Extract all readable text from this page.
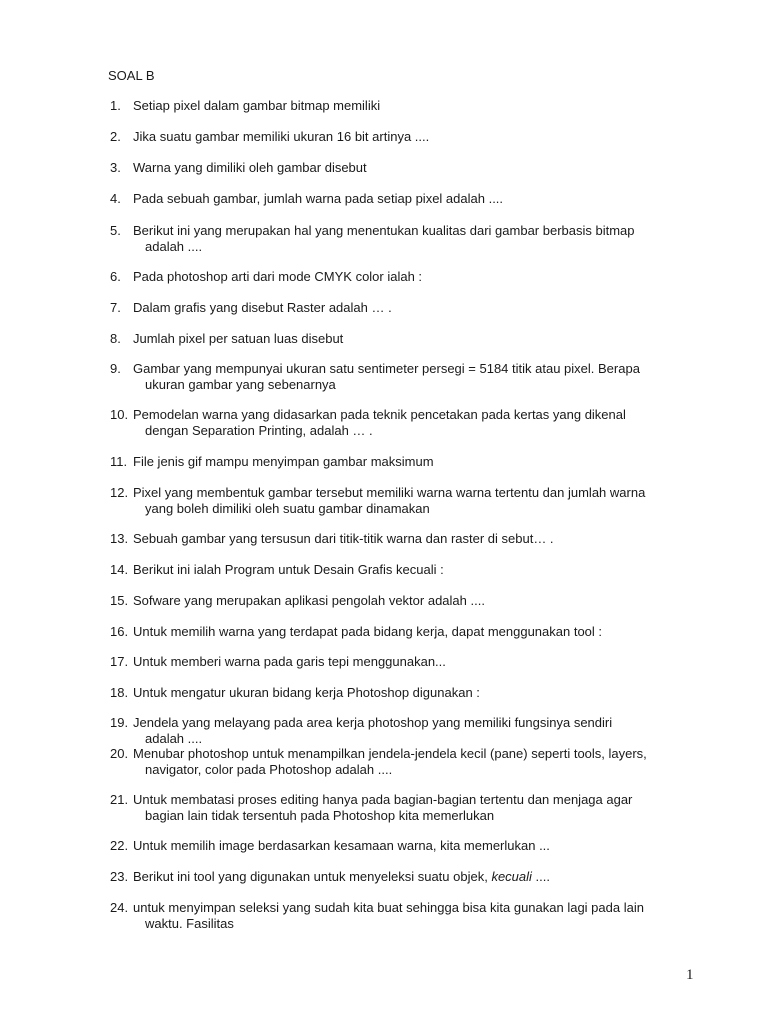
SOAL B
1. Setiap pixel dalam gambar bitmap memiliki
2. Jika suatu gambar memiliki ukuran 16 bit artinya ....
3. Warna yang dimiliki oleh gambar disebut
4. Pada sebuah gambar, jumlah warna pada setiap pixel adalah ....
5. Berikut ini yang merupakan hal yang menentukan kualitas dari gambar berbasis bitmap
adalah ....
6. Pada photoshop arti dari mode CMYK color ialah :
7. Dalam grafis yang disebut Raster adalah … .
8. Jumlah pixel per satuan luas disebut
9. Gambar yang mempunyai ukuran satu sentimeter persegi = 5184 titik atau pixel. Berapa
ukuran gambar yang sebenarnya
10. Pemodelan warna yang didasarkan pada teknik pencetakan pada kertas yang dikenal
dengan Separation Printing, adalah … .
11. File jenis gif mampu menyimpan gambar maksimum
12. Pixel yang membentuk gambar tersebut memiliki warna warna tertentu dan jumlah warna
yang boleh dimiliki oleh suatu gambar dinamakan
13. Sebuah gambar yang tersusun dari titik-titik warna dan raster di sebut… .
14. Berikut ini ialah Program untuk Desain Grafis kecuali :
15. Sofware yang merupakan aplikasi pengolah vektor adalah ....
16. Untuk memilih warna yang terdapat pada bidang kerja, dapat menggunakan tool :
17. Untuk memberi warna pada garis tepi menggunakan...
18. Untuk mengatur ukuran bidang kerja Photoshop digunakan :
19. Jendela yang melayang pada area kerja photoshop yang memiliki fungsinya sendiri
adalah ....
20. Menubar photoshop untuk menampilkan jendela-jendela kecil (pane) seperti tools, layers,
navigator, color pada Photoshop adalah ....
21. Untuk membatasi proses editing hanya pada bagian-bagian tertentu dan menjaga agar
bagian lain tidak tersentuh pada Photoshop kita memerlukan
22. Untuk memilih image berdasarkan kesamaan warna, kita memerlukan ...
23. Berikut ini tool yang digunakan untuk menyeleksi suatu objek, kecuali ....
24. untuk menyimpan seleksi yang sudah kita buat sehingga bisa kita gunakan lagi pada lain
waktu. Fasilitas
1
